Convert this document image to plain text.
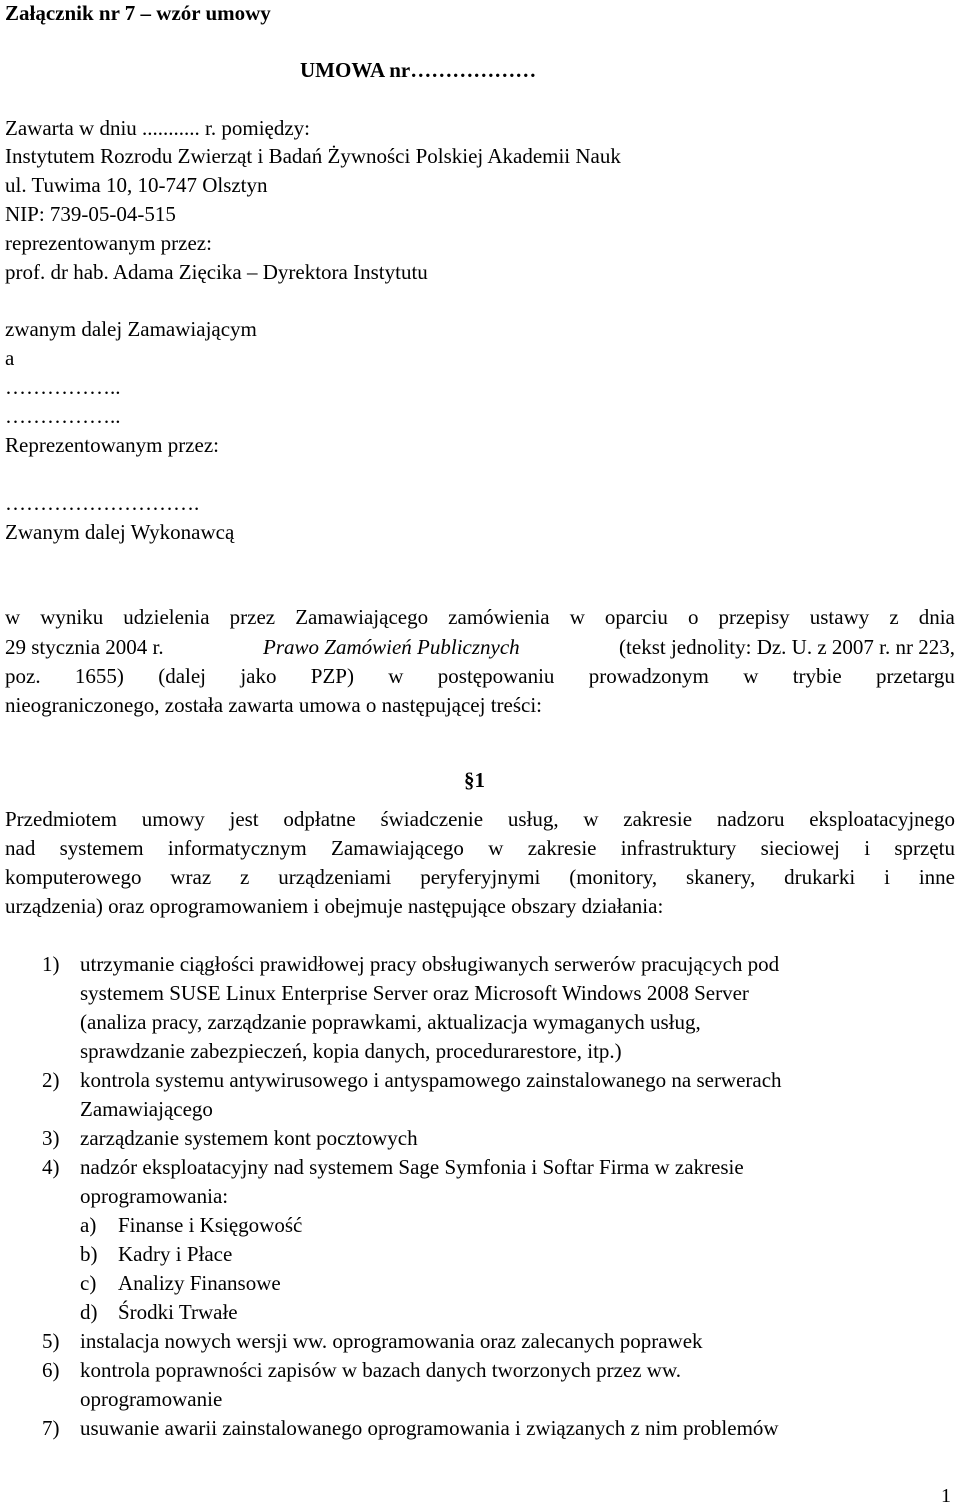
Załącznik nr 7 – wzór umowy
UMOWA nr………………
Zawarta w dniu ........... r. pomiędzy:
Instytutem Rozrodu Zwierząt i Badań Żywności Polskiej Akademii Nauk
ul. Tuwima 10, 10-747 Olsztyn
NIP: 739-05-04-515
reprezentowanym przez:
prof. dr hab. Adama Zięcika – Dyrektora Instytutu
zwanym dalej Zamawiającym
a
……………..
……………..
Reprezentowanym przez:
……………………….
Zwanym dalej Wykonawcą
w wyniku udzielenia przez Zamawiającego zamówienia w oparciu o przepisy ustawy z dnia
29 stycznia 2004 r.	Prawo Zamówień Publicznych	(tekst jednolity: Dz. U. z 2007 r. nr 223,
poz. 1655) (dalej jako PZP) w postępowaniu prowadzonym w trybie przetargu
nieograniczonego, została zawarta umowa o następującej treści:
§1
Przedmiotem umowy jest odpłatne świadczenie usług, w zakresie nadzoru eksploatacyjnego
nad systemem informatycznym Zamawiającego w zakresie infrastruktury sieciowej i sprzętu
komputerowego wraz z urządzeniami peryferyjnymi (monitory, skanery, drukarki i inne
urządzenia) oraz oprogramowaniem i obejmuje następujące obszary działania:
1) utrzymanie ciągłości prawidłowej pracy obsługiwanych serwerów pracujących pod
systemem SUSE Linux Enterprise Server oraz Microsoft Windows 2008 Server
(analiza pracy, zarządzanie poprawkami, aktualizacja wymaganych usług,
sprawdzanie zabezpieczeń, kopia danych, procedurarestore, itp.)
2) kontrola systemu antywirusowego i antyspamowego zainstalowanego na serwerach
Zamawiającego
3) zarządzanie systemem kont pocztowych
4) nadzór eksploatacyjny nad systemem Sage Symfonia i Softar Firma w zakresie
oprogramowania:
a) Finanse i Księgowość
b) Kadry i Płace
c) Analizy Finansowe
d) Środki Trwałe
5) instalacja nowych wersji ww. oprogramowania oraz zalecanych poprawek
6) kontrola poprawności zapisów w bazach danych tworzonych przez ww.
oprogramowanie
7) usuwanie awarii zainstalowanego oprogramowania i związanych z nim problemów
1
